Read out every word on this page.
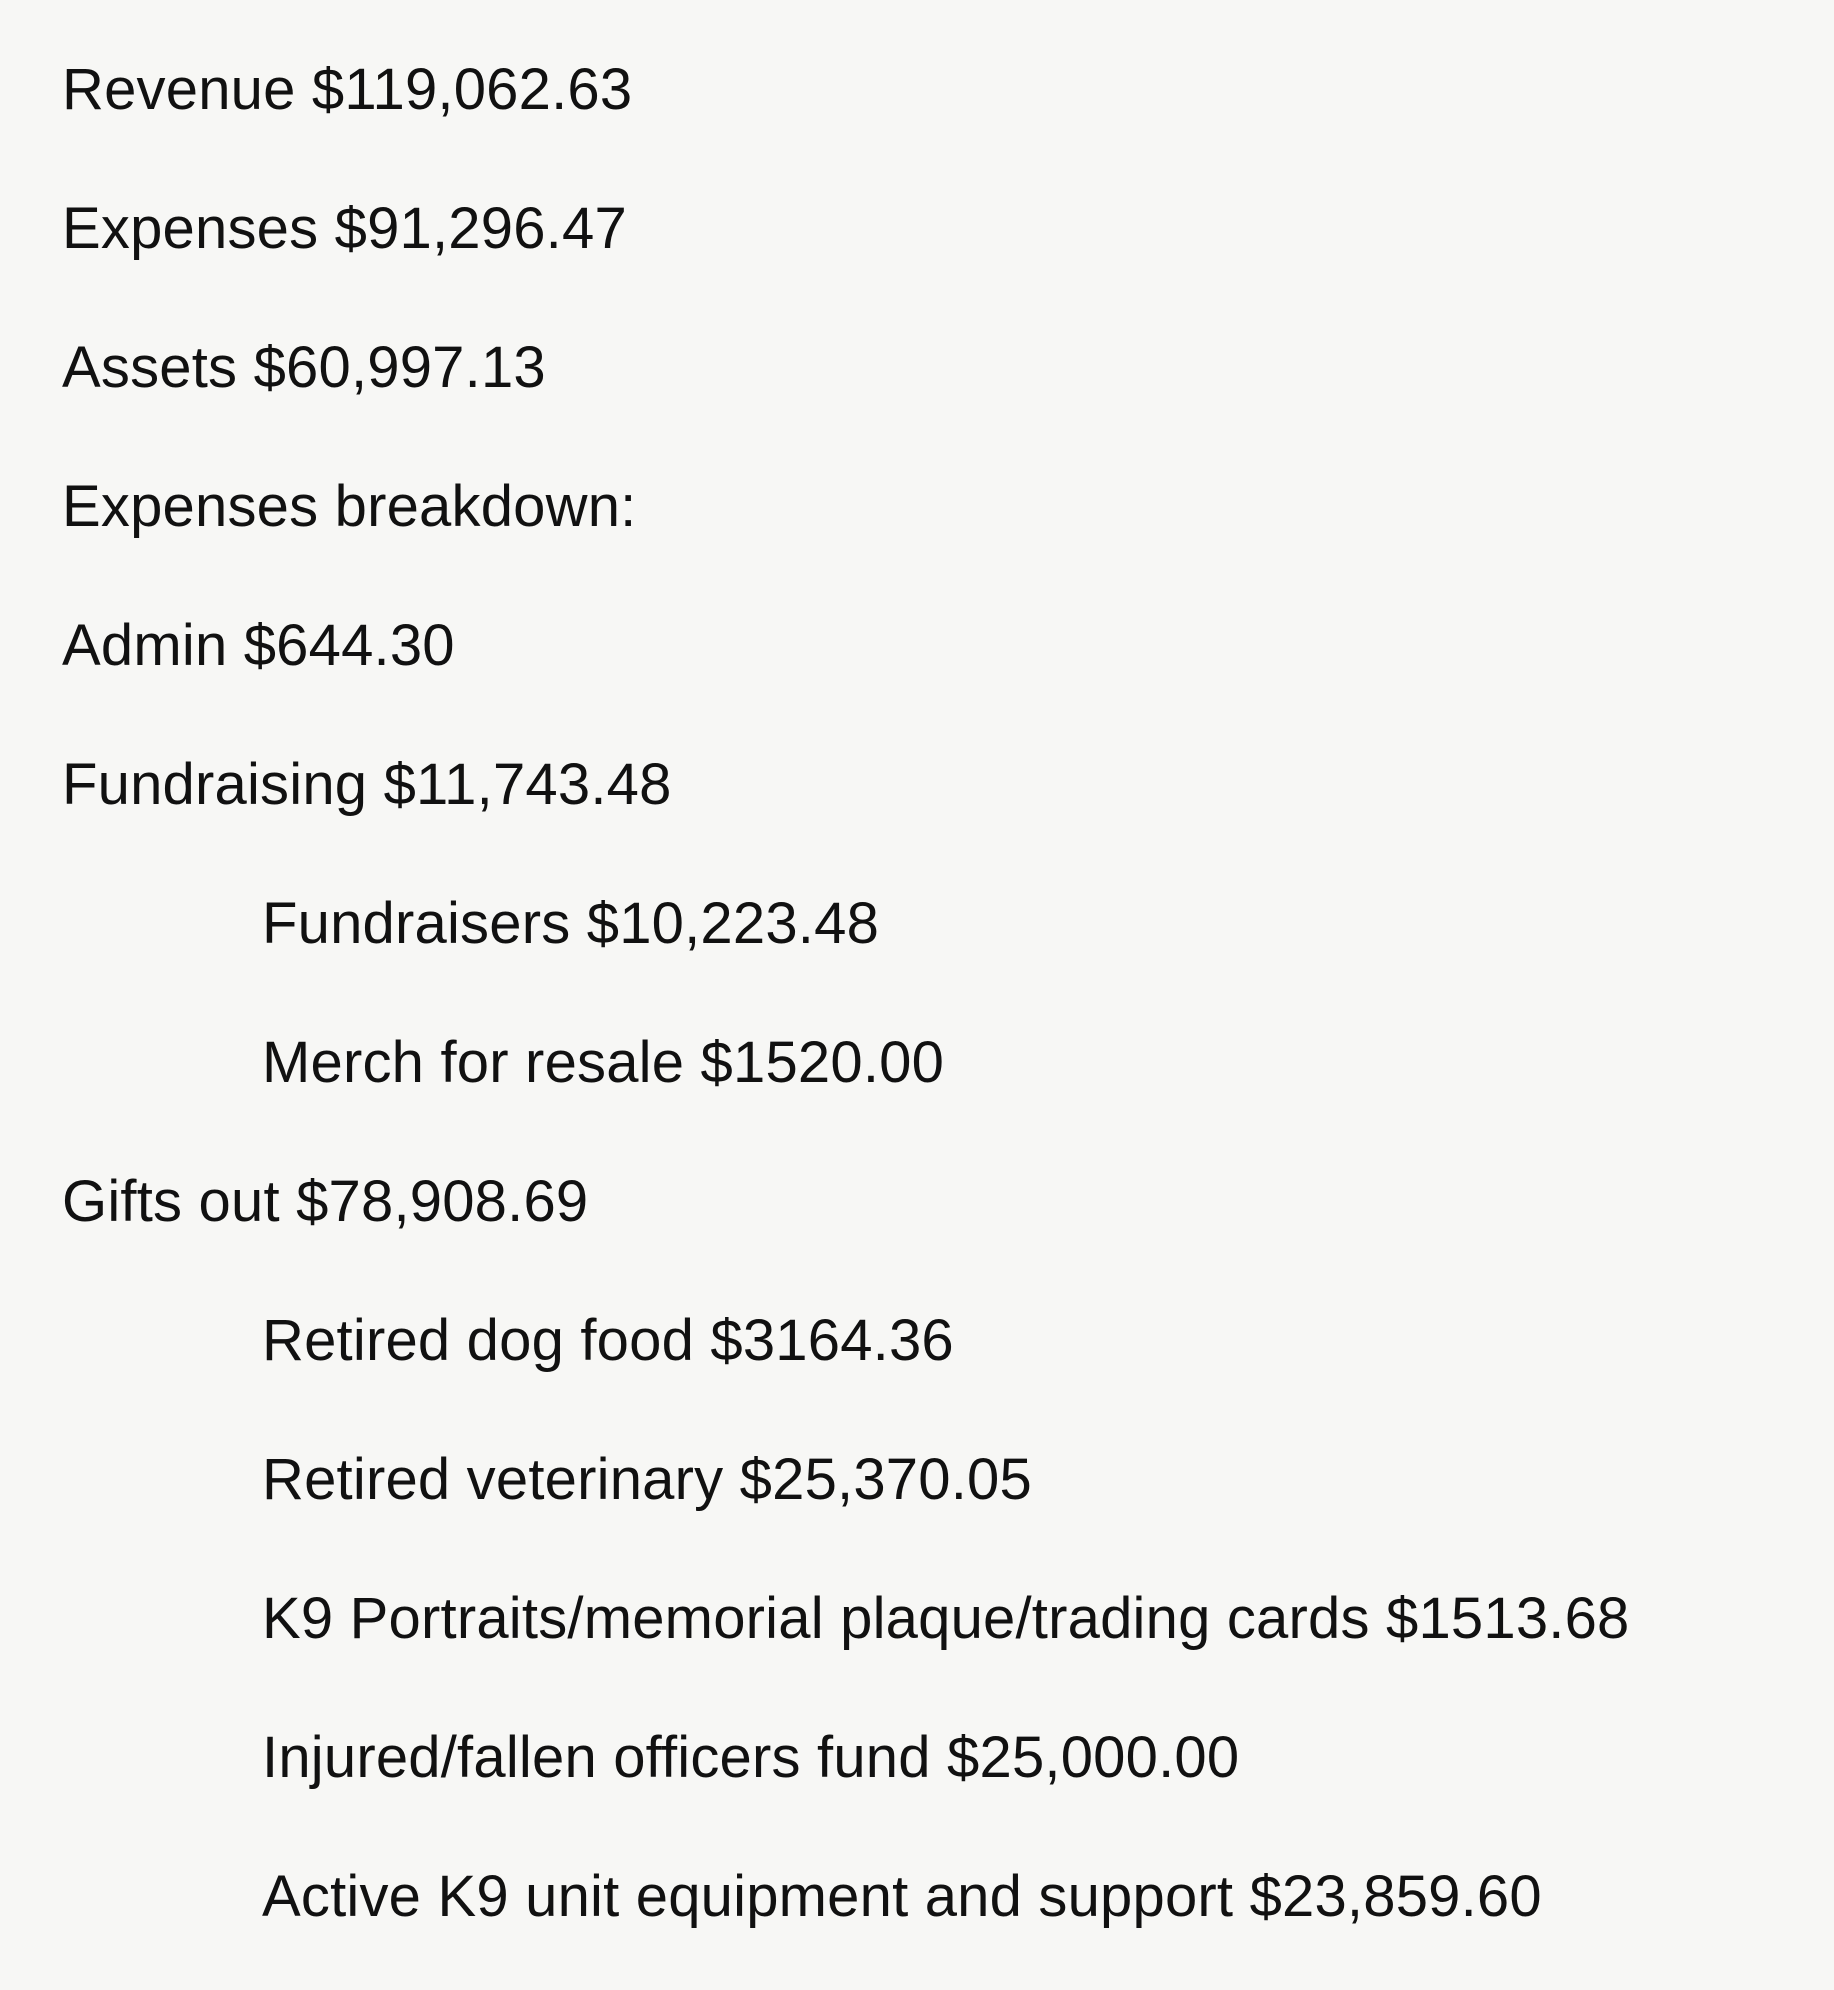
Revenue $119,062.63
Expenses $91,296.47
Assets $60,997.13
Expenses breakdown:
Admin $644.30
Fundraising $11,743.48
Fundraisers $10,223.48
Merch for resale $1520.00
Gifts out $78,908.69
Retired dog food $3164.36
Retired veterinary $25,370.05
K9 Portraits/memorial plaque/trading cards $1513.68
Injured/fallen officers fund $25,000.00
Active K9 unit equipment and support $23,859.60
